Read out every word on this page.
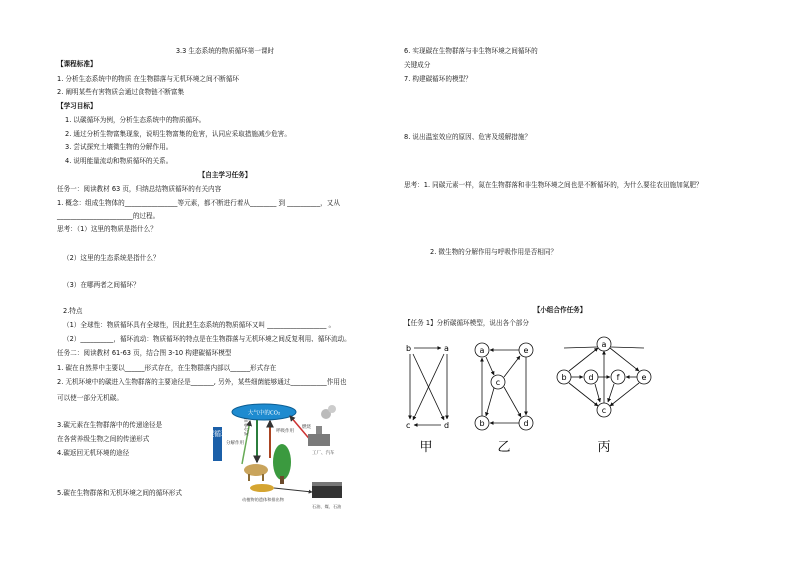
3.3 生态系统的物质循环第一课时
【课程标准】
1. 分析生态系统中的物质 在生物群落与无机环境之间不断循环
2. 阐明某些有害物质会通过食物链不断富集
【学习目标】
1. 以碳循环为例，分析生态系统中的物质循环。
2. 通过分析生物富集现象，说明生物富集的危害，认同应采取措施减少危害。
3. 尝试探究土壤微生物的分解作用。
4. 说明能量流动和物质循环的关系。
【自主学习任务】
任务一：阅读教材 63 页，归纳总结物质循环的有关内容
1. 概念：组成生物体的________________等元素，都不断进行着从________ 到 __________，又从
_______________________的过程。
思考：（1）这里的物质是指什么？
（2）这里的生态系统是指什么？
（3）在哪两者之间循环？
2.特点
（1）全球性：物质循环具有全球性，因此把生态系统的物质循环又叫 __________________ 。
（2）__________，循环流动：物质循环的特点是在生物群落与无机环境之间反复利用、循环流动。
任务二：阅读教材 61-63 页，结合图 3-10 构建碳循环模型
1. 碳在自然界中主要以______形式存在，在生物群落内部以______形式存在
2. 无机环境中的碳进入生物群落的主要途径是_______, 另外，某些细菌能够通过___________作用也
可以使一部分无机碳。
3.碳元素在生物群落中的传递途径是
在各营养级生物之间的传递形式
4.碳返回无机环境的途径
5.碳在生物群落和无机环境之间的循环形式
大气中的CO₂
碳循环	呼吸作用
光合作用
分解作用
燃烧
工厂、汽车
动植物的遗体和排出物
石油、煤、石油
6. 实现碳在生物群落与非生物环境之间循环的
关键成分
7. 构建碳循环的模型？
8. 说出温室效应的原因、危害及缓解措施？
思考：1. 同碳元素一样，氮在生物群落和非生物环境之间也是不断循环的，为什么要往农田施加氮肥？
2. 微生物的分解作用与呼吸作用是否相同？
【小组合作任务】
【任务 1】分析碳循环模型，说出各个部分
b	a
c	d
a	e
c
b	d
a
b	d	f	e
c
甲	乙	丙
